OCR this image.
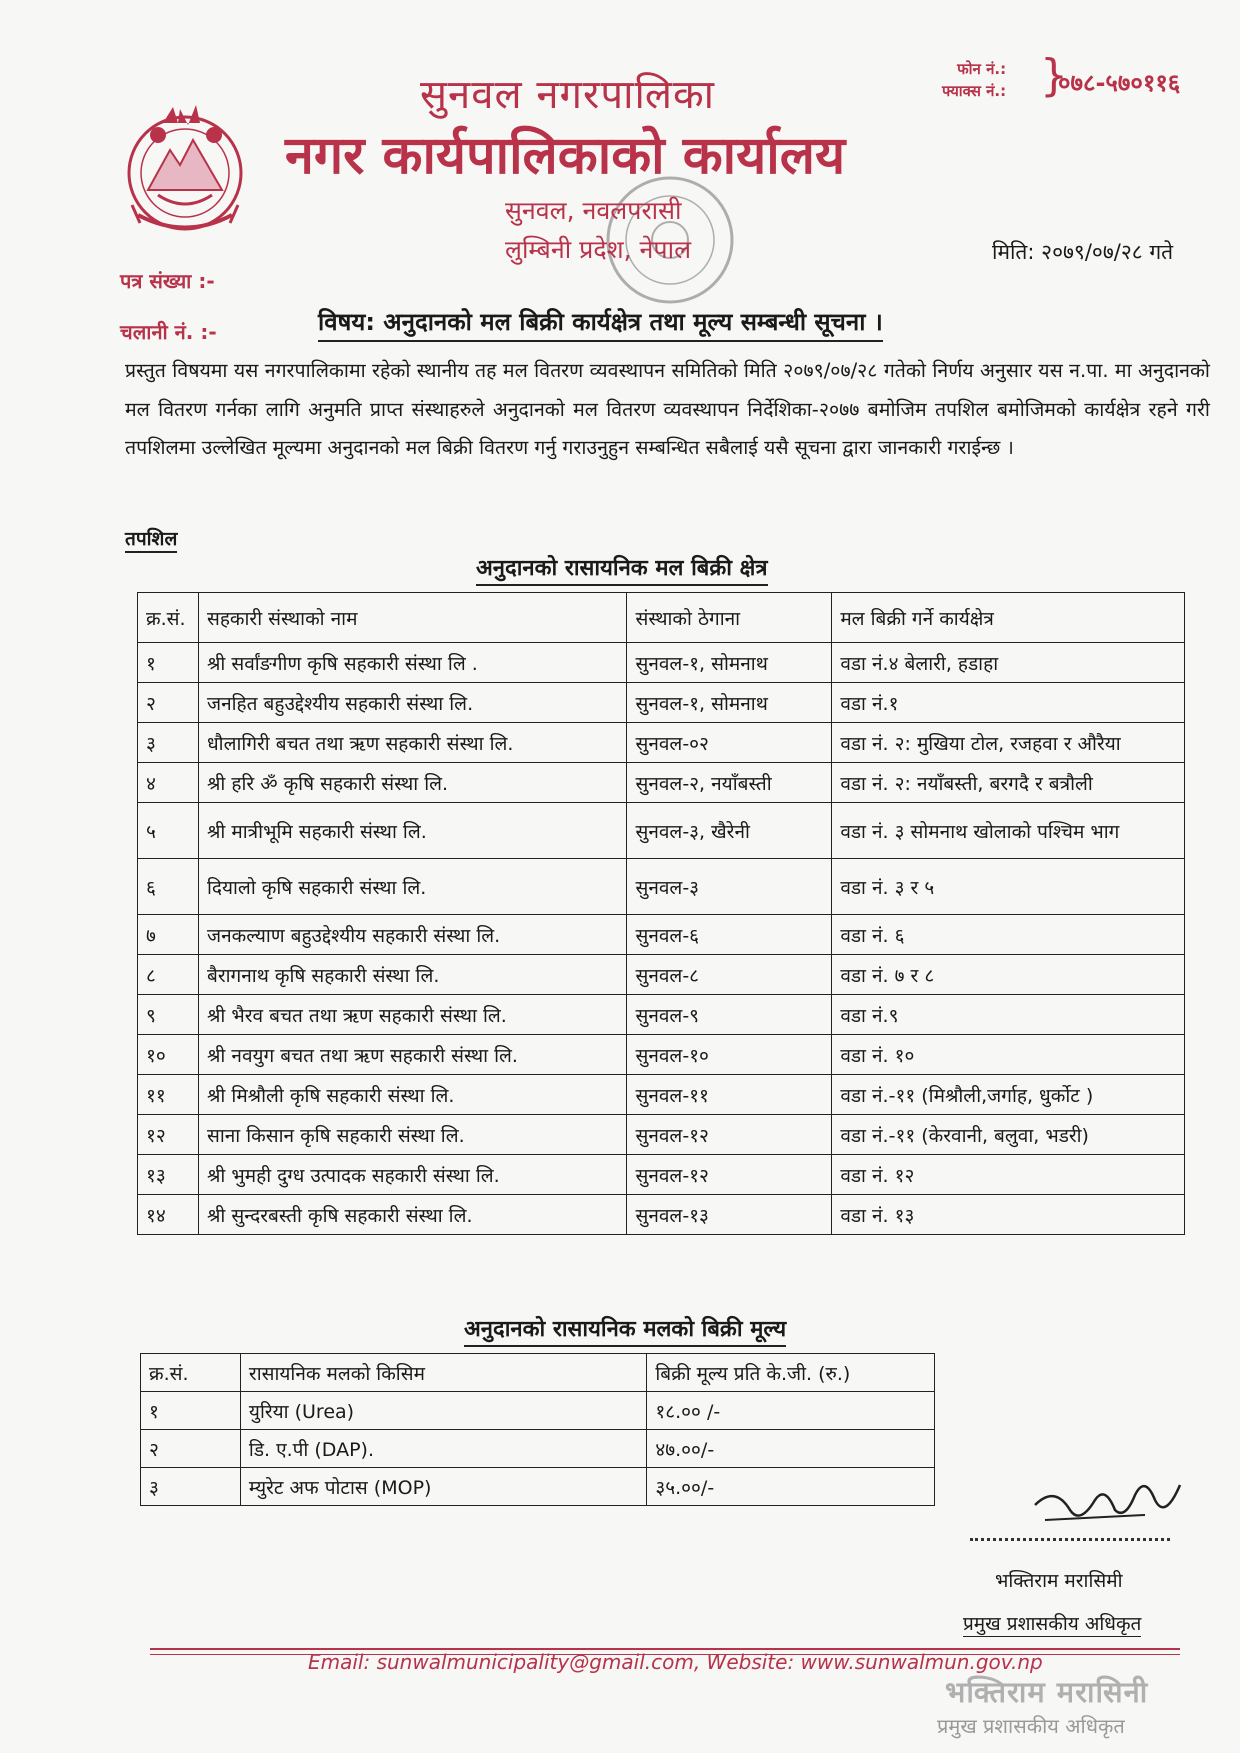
सुनवल नगरपालिका
नगर कार्यपालिकाको कार्यालय
सुनवल, नवलपरासी
लुम्बिनी प्रदेश, नेपाल
फोन नं.:
फ्याक्स नं.: }
०७८-५७०११६
मिति: २०७९/०७/२८ गते
पत्र संख्या :-
चलानी नं. :-	विषय: अनुदानको मल बिक्री कार्यक्षेत्र तथा मूल्य सम्बन्धी सूचना ।
प्रस्तुत विषयमा यस नगरपालिकामा रहेको स्थानीय तह मल वितरण व्यवस्थापन समितिको मिति २०७९/०७/२८ गतेको निर्णय अनुसार यस न.पा. मा अनुदानको मल वितरण गर्नका लागि अनुमति प्राप्त संस्थाहरुले अनुदानको मल वितरण व्यवस्थापन निर्देशिका-२०७७ बमोजिम तपशिल बमोजिमको कार्यक्षेत्र रहने गरी तपशिलमा उल्लेखित मूल्यमा अनुदानको मल बिक्री वितरण गर्नु गराउनुहुन सम्बन्धित सबैलाई यसै सूचना द्वारा जानकारी गराईन्छ ।
तपशिल
अनुदानको रासायनिक मल बिक्री क्षेत्र
क्र.सं.	सहकारी संस्थाको नाम	संस्थाको ठेगाना	मल बिक्री गर्ने कार्यक्षेत्र
१	श्री सर्वांङगीण कृषि सहकारी संस्था लि .	सुनवल-१, सोमनाथ	वडा नं.४ बेलारी, हडाहा
२	जनहित बहुउद्देश्यीय सहकारी संस्था लि.	सुनवल-१, सोमनाथ	वडा नं.१
३	धौलागिरी बचत तथा ऋण सहकारी संस्था लि.	सुनवल-०२	वडा नं. २: मुखिया टोल, रजहवा र औरैया
४	श्री हरि ॐ कृषि सहकारी संस्था लि.	सुनवल-२, नयाँबस्ती	वडा नं. २: नयाँबस्ती, बरगदै र बत्रौली
५	श्री मात्रीभूमि सहकारी संस्था लि.	सुनवल-३, खैरेनी	वडा नं. ३ सोमनाथ खोलाको पश्चिम भाग
६	दियालो कृषि सहकारी संस्था लि.	सुनवल-३	वडा नं. ३ र ५
७	जनकल्याण बहुउद्देश्यीय सहकारी संस्था लि.	सुनवल-६	वडा नं. ६
८	बैरागनाथ कृषि सहकारी संस्था लि.	सुनवल-८	वडा नं. ७ र ८
९	श्री भैरव बचत तथा ऋण सहकारी संस्था लि.	सुनवल-९	वडा नं.९
१०	श्री नवयुग बचत तथा ऋण सहकारी संस्था लि.	सुनवल-१०	वडा नं. १०
११	श्री मिश्रौली कृषि सहकारी संस्था लि.	सुनवल-११	वडा नं.-११ (मिश्रौली,जर्गाह, धुर्कोट )
१२	साना किसान कृषि सहकारी संस्था लि.	सुनवल-१२	वडा नं.-११ (केरवानी, बलुवा, भडरी)
१३	श्री भुमही दुग्ध उत्पादक सहकारी संस्था लि.	सुनवल-१२	वडा नं. १२
१४	श्री सुन्दरबस्ती कृषि सहकारी संस्था लि.	सुनवल-१३	वडा नं. १३
अनुदानको रासायनिक मलको बिक्री मूल्य
क्र.सं.	रासायनिक मलको किसिम	बिक्री मूल्य प्रति के.जी. (रु.)
१	युरिया (Urea)	१८.०० /-
२	डि. ए.पी (DAP).	४७.००/-
३	म्युरेट अफ पोटास (MOP)	३५.००/-
भक्तिराम मरासिमी
प्रमुख प्रशासकीय अधिकृत
Email: sunwalmunicipality@gmail.com, Website: www.sunwalmun.gov.np
भक्तिराम मरासिनी
प्रमुख प्रशासकीय अधिकृत
